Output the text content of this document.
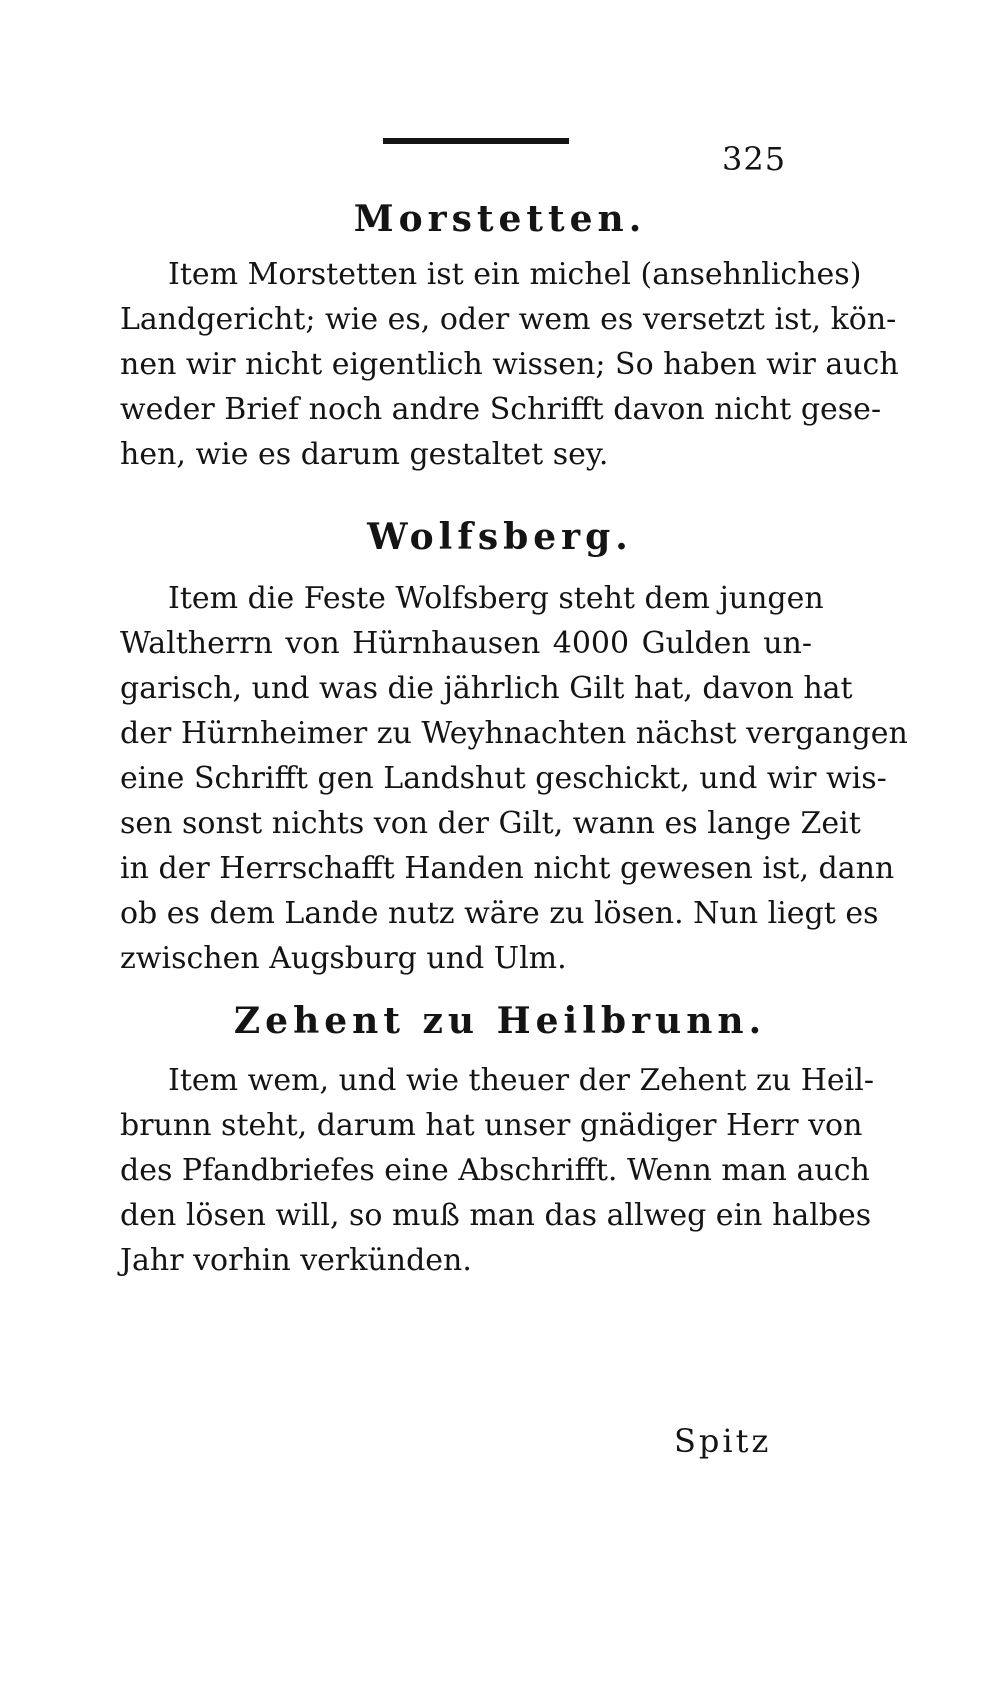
325
Morstetten.
Item Morstetten ist ein michel (ansehnliches)
Landgericht; wie es, oder wem es versetzt ist, kön-
nen wir nicht eigentlich wissen; So haben wir auch
weder Brief noch andre Schrifft davon nicht gese-
hen, wie es darum gestaltet sey.
Wolfsberg.
Item die Feste Wolfsberg steht dem jungen
Waltherrn von Hürnhausen 4000 Gulden un-
garisch, und was die jährlich Gilt hat, davon hat
der Hürnheimer zu Weyhnachten nächst vergangen
eine Schrifft gen Landshut geschickt, und wir wis-
sen sonst nichts von der Gilt, wann es lange Zeit
in der Herrschafft Handen nicht gewesen ist, dann
ob es dem Lande nutz wäre zu lösen. Nun liegt es
zwischen Augsburg und Ulm.
Zehent zu Heilbrunn.
Item wem, und wie theuer der Zehent zu Heil-
brunn steht, darum hat unser gnädiger Herr von
des Pfandbriefes eine Abschrifft. Wenn man auch
den lösen will, so muß man das allweg ein halbes
Jahr vorhin verkünden.
Spitz
